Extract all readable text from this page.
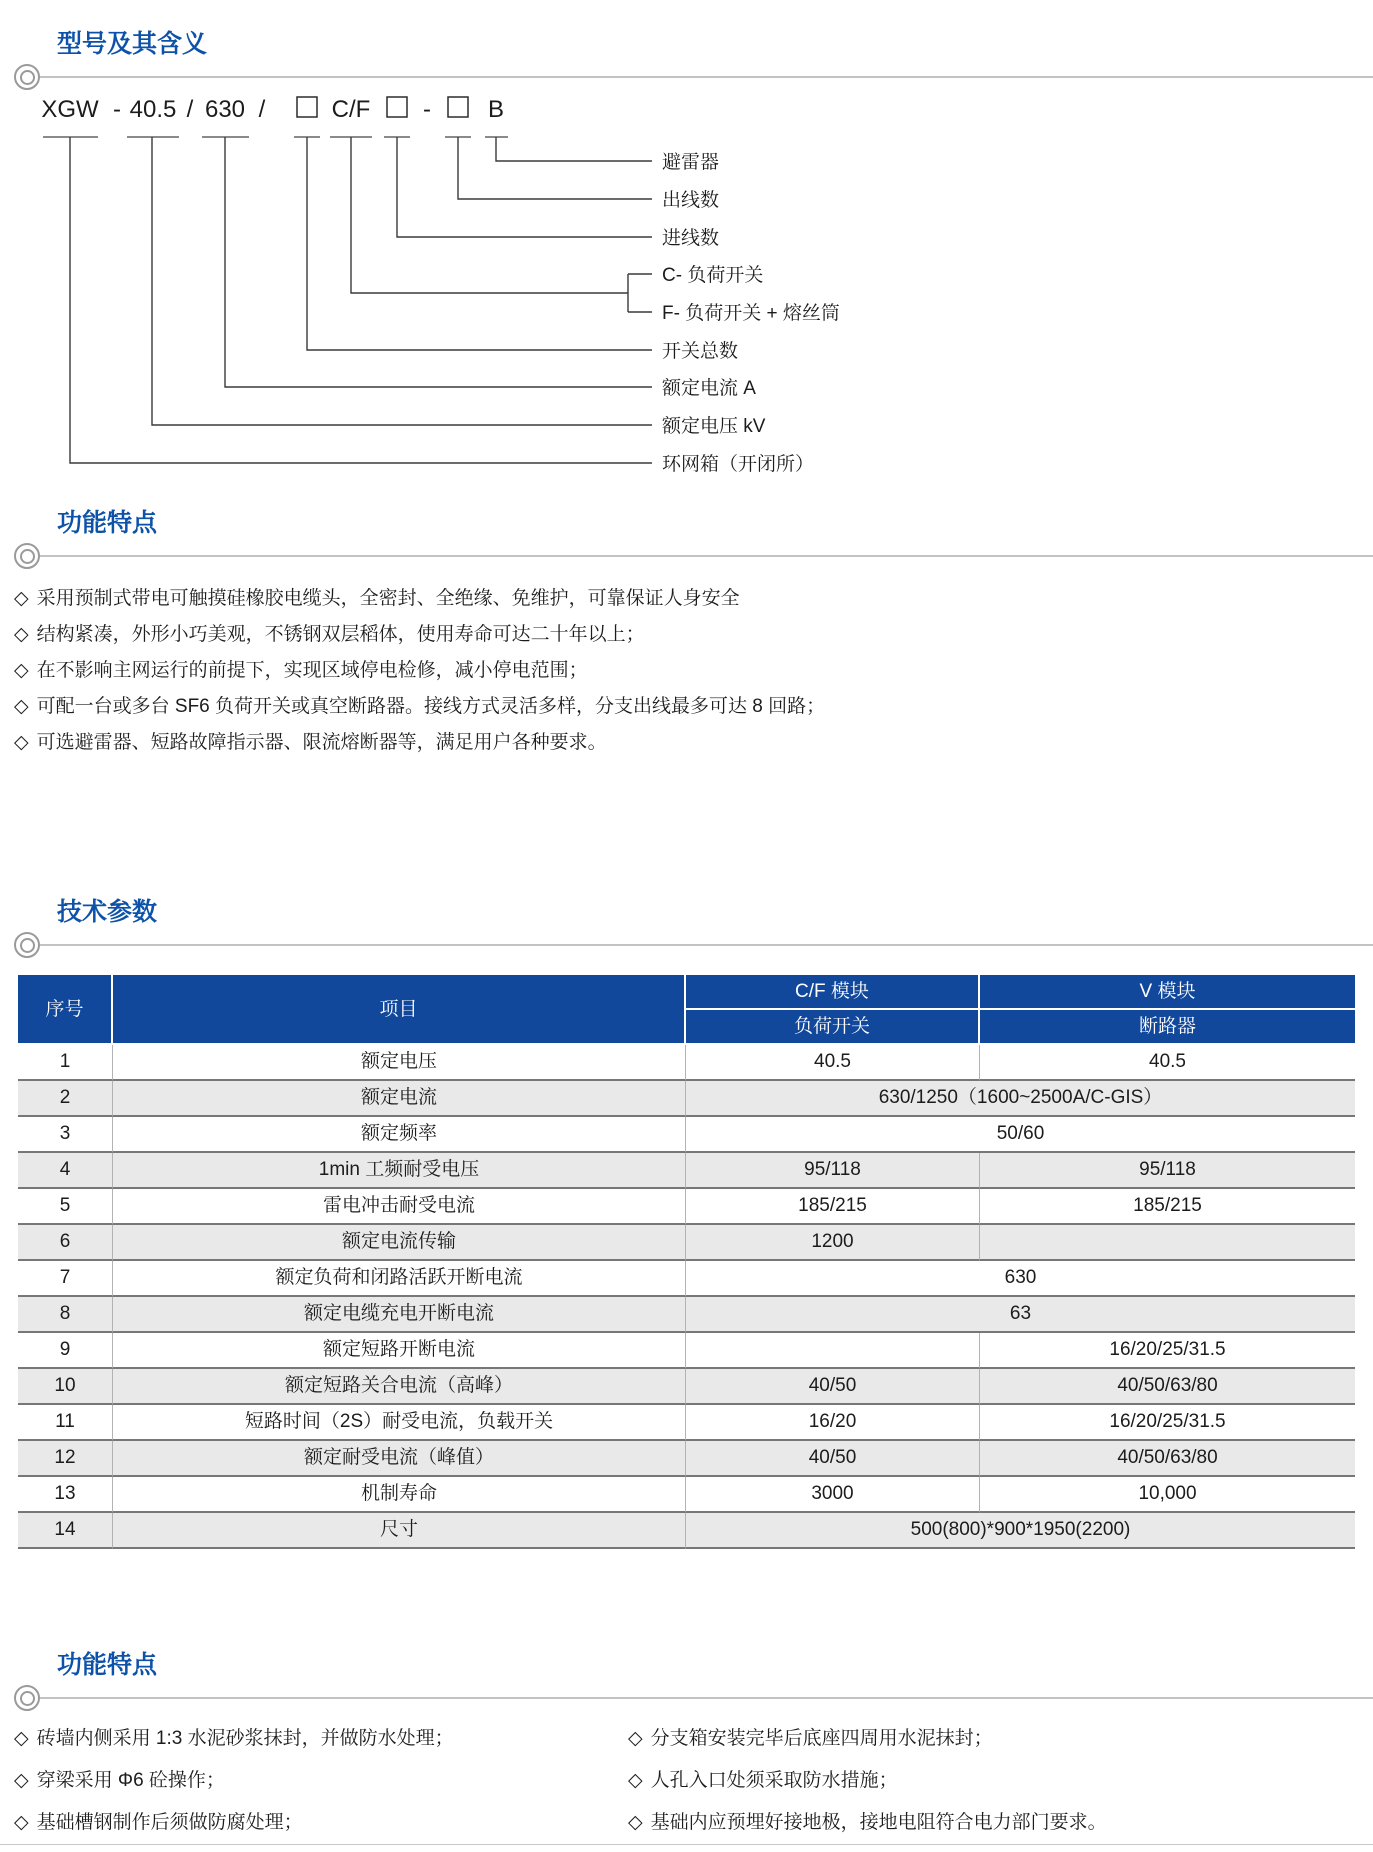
型号及其含义
XGW - 40.5 / 630 /	C/F - B
避雷器
出线数
进线数
C- 负荷开关
F- 负荷开关 + 熔丝筒
开关总数
额定电流 A
额定电压 kV
环网箱（开闭所）
功能特点
◇ 采用预制式带电可触摸硅橡胶电缆头，全密封、全绝缘、免维护，可靠保证人身安全
◇ 结构紧凑，外形小巧美观，不锈钢双层稻体，使用寿命可达二十年以上；
◇ 在不影响主网运行的前提下，实现区域停电检修，减小停电范围；
◇ 可配一台或多台 SF6 负荷开关或真空断路器。接线方式灵活多样，分支出线最多可达 8 回路；
◇ 可选避雷器、短路故障指示器、限流熔断器等，满足用户各种要求。
技术参数
序号	项目	C/F 模块	V 模块
		负荷开关	断路器
1	额定电压	40.5	40.5
2	额定电流	630/1250（1600~2500A/C-GIS）	
3	额定频率	50/60	
4	1min 工频耐受电压	95/118	95/118
5	雷电冲击耐受电流	185/215	185/215
6	额定电流传输	1200	
7	额定负荷和闭路活跃开断电流	630	
8	额定电缆充电开断电流	63	
9	额定短路开断电流		16/20/25/31.5
10	额定短路关合电流（高峰）	40/50	40/50/63/80
11	短路时间（2S）耐受电流，负载开关	16/20	16/20/25/31.5
12	额定耐受电流（峰值）	40/50	40/50/63/80
13	机制寿命	3000	10,000
14	尺寸	500(800)*900*1950(2200)	
功能特点
◇ 砖墙内侧采用 1:3 水泥砂浆抹封，并做防水处理；
◇ 穿梁采用 Φ6 砼操作；
◇ 基础槽钢制作后须做防腐处理；
◇ 分支箱安装完毕后底座四周用水泥抹封；
◇ 人孔入口处须采取防水措施；
◇ 基础内应预埋好接地极，接地电阻符合电力部门要求。
